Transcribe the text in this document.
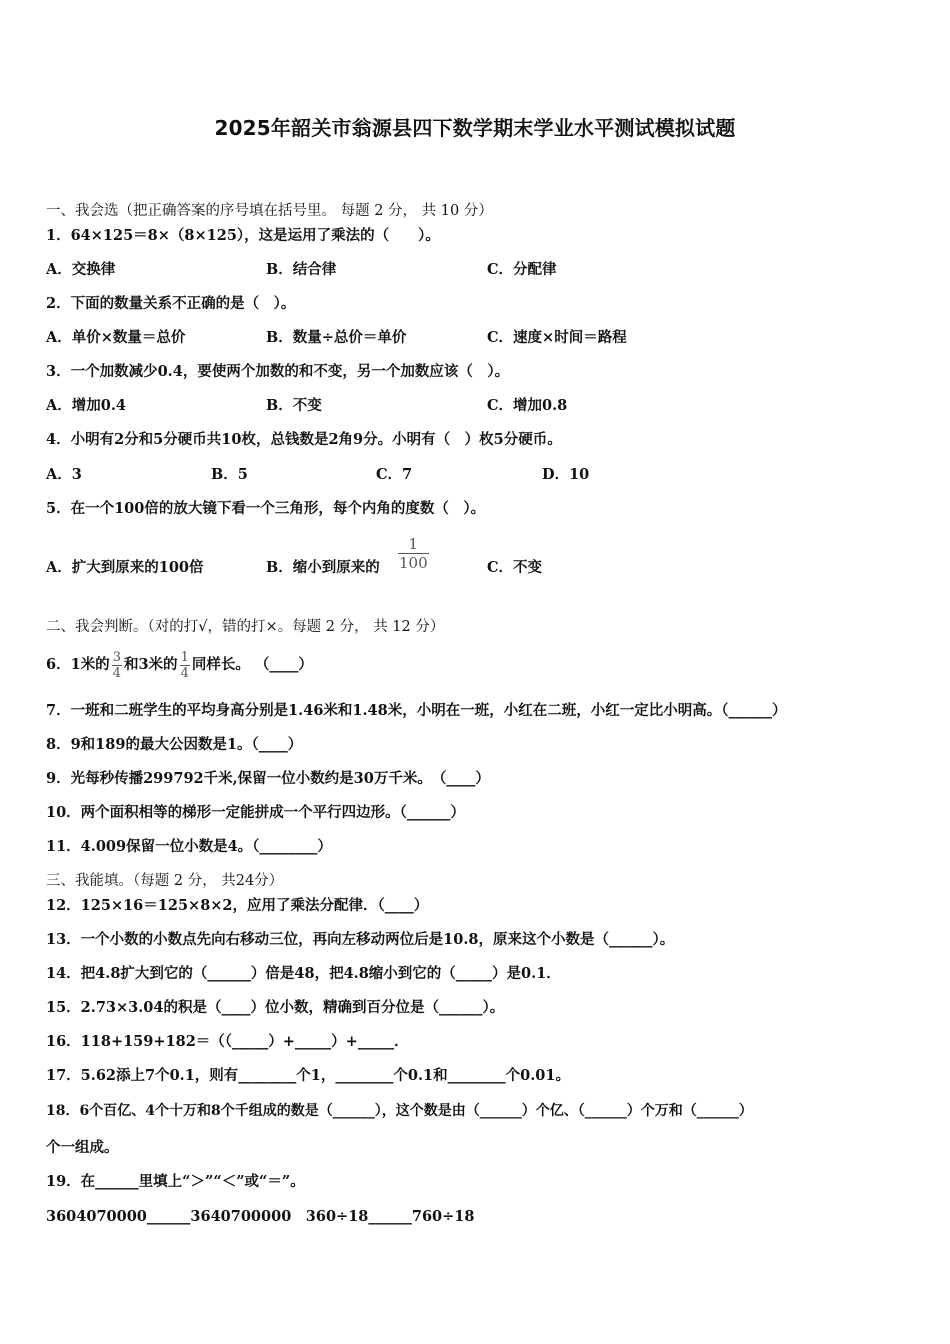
2025年韶关市翁源县四下数学期末学业水平测试模拟试题
一、我会选（把正确答案的序号填在括号里。 每题 2 分， 共 10 分）
1．64×125＝8×（8×125），这是运用了乘法的（　　）。
A．交换律	B．结合律	C．分配律
2．下面的数量关系不正确的是（　）。
A．单价×数量＝总价	B．数量÷总价＝单价	C．速度×时间＝路程
3．一个加数减少0.4，要使两个加数的和不变，另一个加数应该（　）。
A．增加0.4	B．不变	C．增加0.8
4．小明有2分和5分硬币共10枚，总钱数是2角9分。小明有（　）枚5分硬币。
A．3	B．5	C．7	D．10
5．在一个100倍的放大镜下看一个三角形，每个内角的度数（　）。
A．扩大到原来的100倍	B．缩小到原来的
1
100	C．不变
二、我会判断。（对的打√，错的打×。每题 2 分， 共 12 分）
6．1米的 $\frac{3}{4}$ 和3米的 $\frac{1}{4}$ 同样长。 （____）
7．一班和二班学生的平均身高分别是1.46米和1.48米，小明在一班，小红在二班，小红一定比小明高。（______）
8．9和189的最大公因数是1。（____）
9．光每秒传播299792千米,保留一位小数约是30万千米。　（____）
10．两个面积相等的梯形一定能拼成一个平行四边形。（______）
11．4.009保留一位小数是4。（________）
三、我能填。（每题 2 分， 共24分）
12．125×16＝125×8×2，应用了乘法分配律．（____）
13．一个小数的小数点先向右移动三位，再向左移动两位后是10.8，原来这个小数是（______）。
14．把4.8扩大到它的（______）倍是48，把4.8缩小到它的（_____）是0.1．
15．2.73×3.04的积是（____）位小数，精确到百分位是（______）。
16．118+159+182＝（（_____）+_____）+_____．
17．5.62添上7个0.1，则有________个1，________个0.1和________个0.01。
18．6个百亿、4个十万和8个千组成的数是（______），这个数是由（______）个亿、（______）个万和（______）
个一组成。
19．在______里填上“＞”“＜”或“＝”。
3604070000______3640700000　360÷18______760÷18
